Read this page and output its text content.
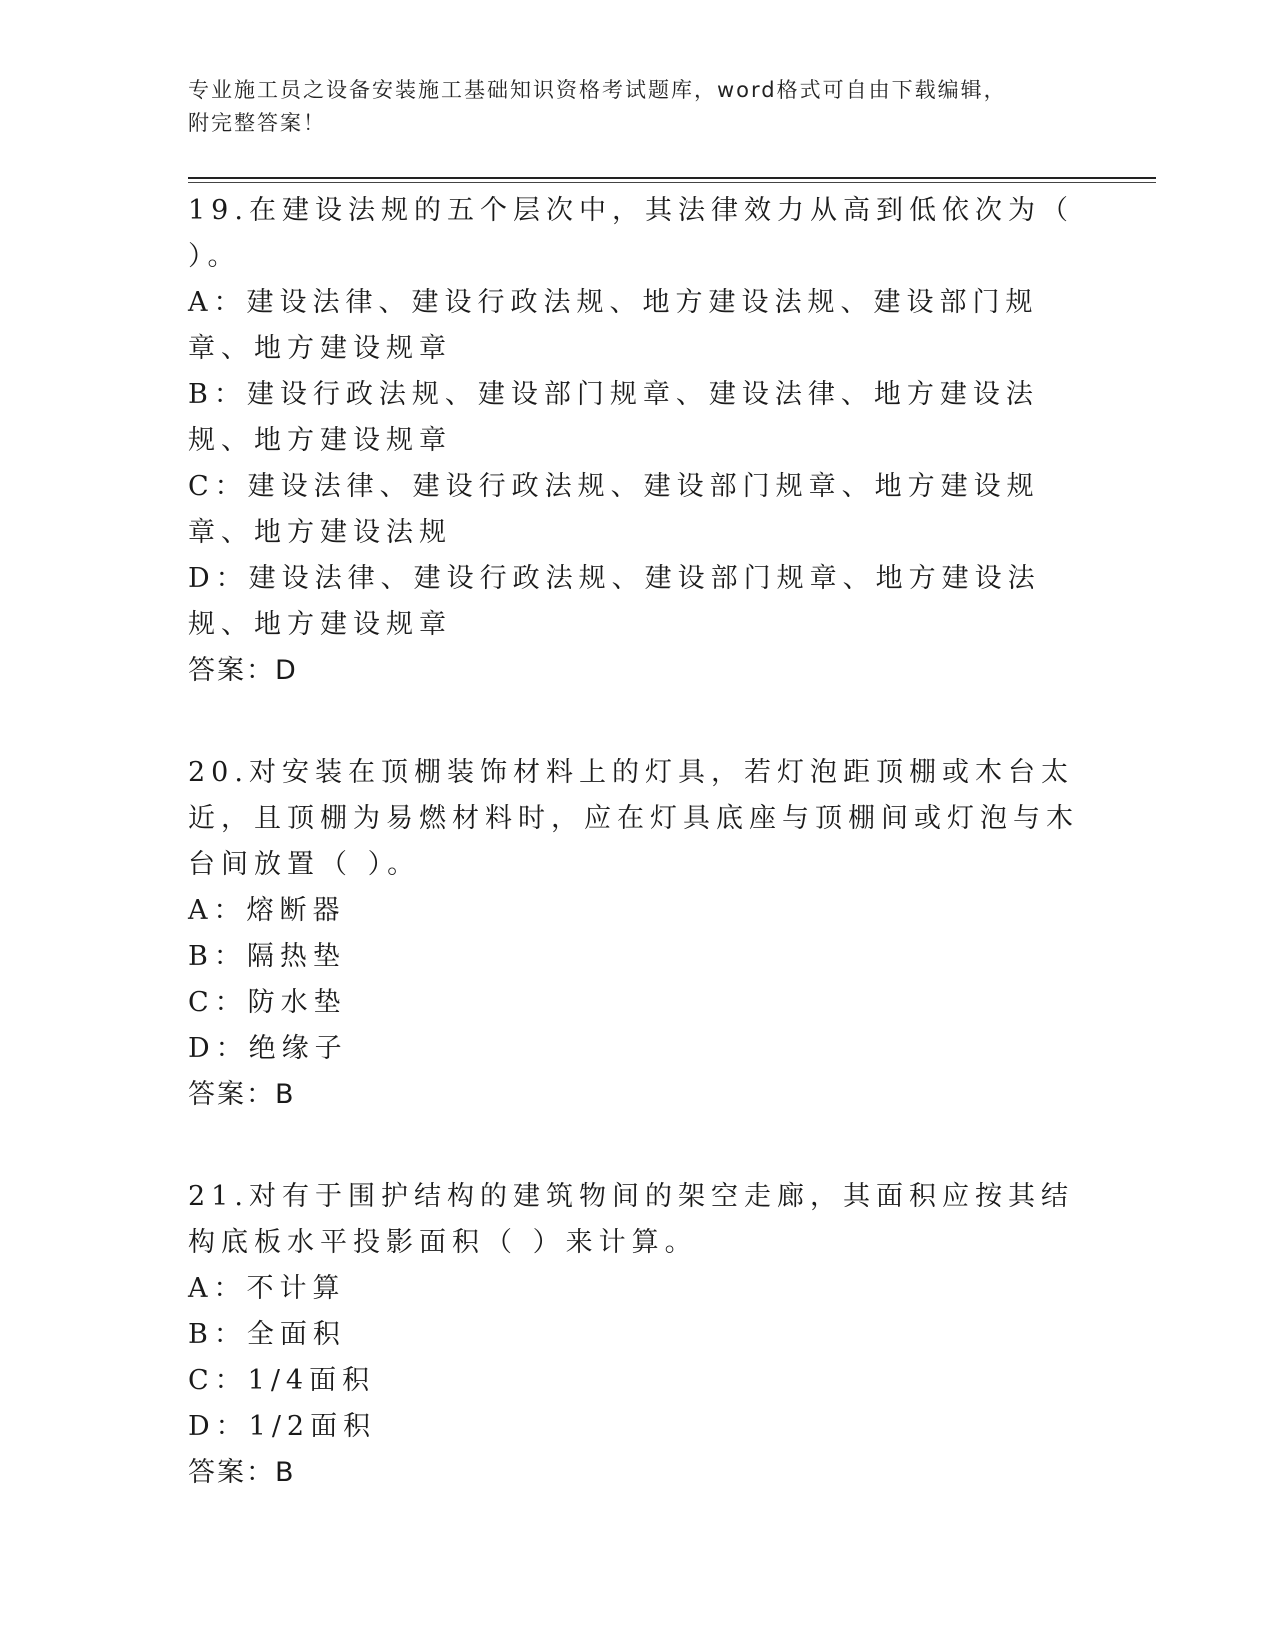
专业施工员之设备安装施工基础知识资格考试题库，word格式可自由下载编辑，
附完整答案！
19.在建设法规的五个层次中，其法律效力从高到低依次为（ ）。
A：建设法律、建设行政法规、地方建设法规、建设部门规章、地方建设规章
B：建设行政法规、建设部门规章、建设法律、地方建设法规、地方建设规章
C：建设法律、建设行政法规、建设部门规章、地方建设规章、地方建设法规
D：建设法律、建设行政法规、建设部门规章、地方建设法规、地方建设规章
答案：D
20.对安装在顶棚装饰材料上的灯具，若灯泡距顶棚或木台太近，且顶棚为易燃材料时，应在灯具底座与顶棚间或灯泡与木台间放置（ ）。
A：熔断器
B：隔热垫
C：防水垫
D：绝缘子
答案：B
21.对有于围护结构的建筑物间的架空走廊，其面积应按其结构底板水平投影面积（ ）来计算。
A：不计算
B：全面积
C：1/4面积
D：1/2面积
答案：B
